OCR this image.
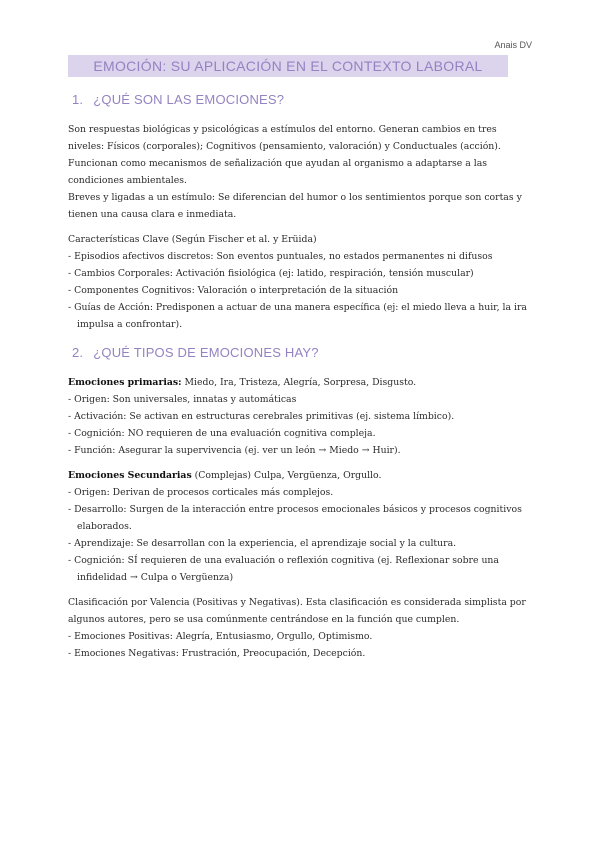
Anais DV
EMOCIÓN: SU APLICACIÓN EN EL CONTEXTO LABORAL
1. ¿QUÉ SON LAS EMOCIONES?

Son respuestas biológicas y psicológicas a estímulos del entorno. Generan cambios en tres niveles: Físicos (corporales); Cognitivos (pensamiento, valoración) y Conductuales (acción).

Funcionan como mecanismos de señalización que ayudan al organismo a adaptarse a las condiciones ambientales.

Breves y ligadas a un estímulo: Se diferencian del humor o los sentimientos porque son cortas y tienen una causa clara e inmediata.

Características Clave (Según Fischer et al. y Erüida)

- Episodios afectivos discretos: Son eventos puntuales, no estados permanentes ni difusos
- Cambios Corporales: Activación fisiológica (ej: latido, respiración, tensión muscular)
- Componentes Cognitivos: Valoración o interpretación de la situación
- Guías de Acción: Predisponen a actuar de una manera específica (ej: el miedo lleva a huir, la ira impulsa a confrontar).
2. ¿QUÉ TIPOS DE EMOCIONES HAY?

Emociones primarias: Miedo, Ira, Tristeza, Alegría, Sorpresa, Disgusto.

- Origen: Son universales, innatas y automáticas
- Activación: Se activan en estructuras cerebrales primitivas (ej. sistema límbico).
- Cognición: NO requieren de una evaluación cognitiva compleja.
- Función: Asegurar la supervivencia (ej. ver un león → Miedo → Huir).

Emociones Secundarias (Complejas) Culpa, Vergüenza, Orgullo.

- Origen: Derivan de procesos corticales más complejos.
- Desarrollo: Surgen de la interacción entre procesos emocionales básicos y procesos cognitivos elaborados.
- Aprendizaje: Se desarrollan con la experiencia, el aprendizaje social y la cultura.
- Cognición: SÍ requieren de una evaluación o reflexión cognitiva (ej. Reflexionar sobre una infidelidad → Culpa o Vergüenza)

Clasificación por Valencia (Positivas y Negativas). Esta clasificación es considerada simplista por algunos autores, pero se usa comúnmente centrándose en la función que cumplen.

- Emociones Positivas: Alegría, Entusiasmo, Orgullo, Optimismo.
- Emociones Negativas: Frustración, Preocupación, Decepción.
